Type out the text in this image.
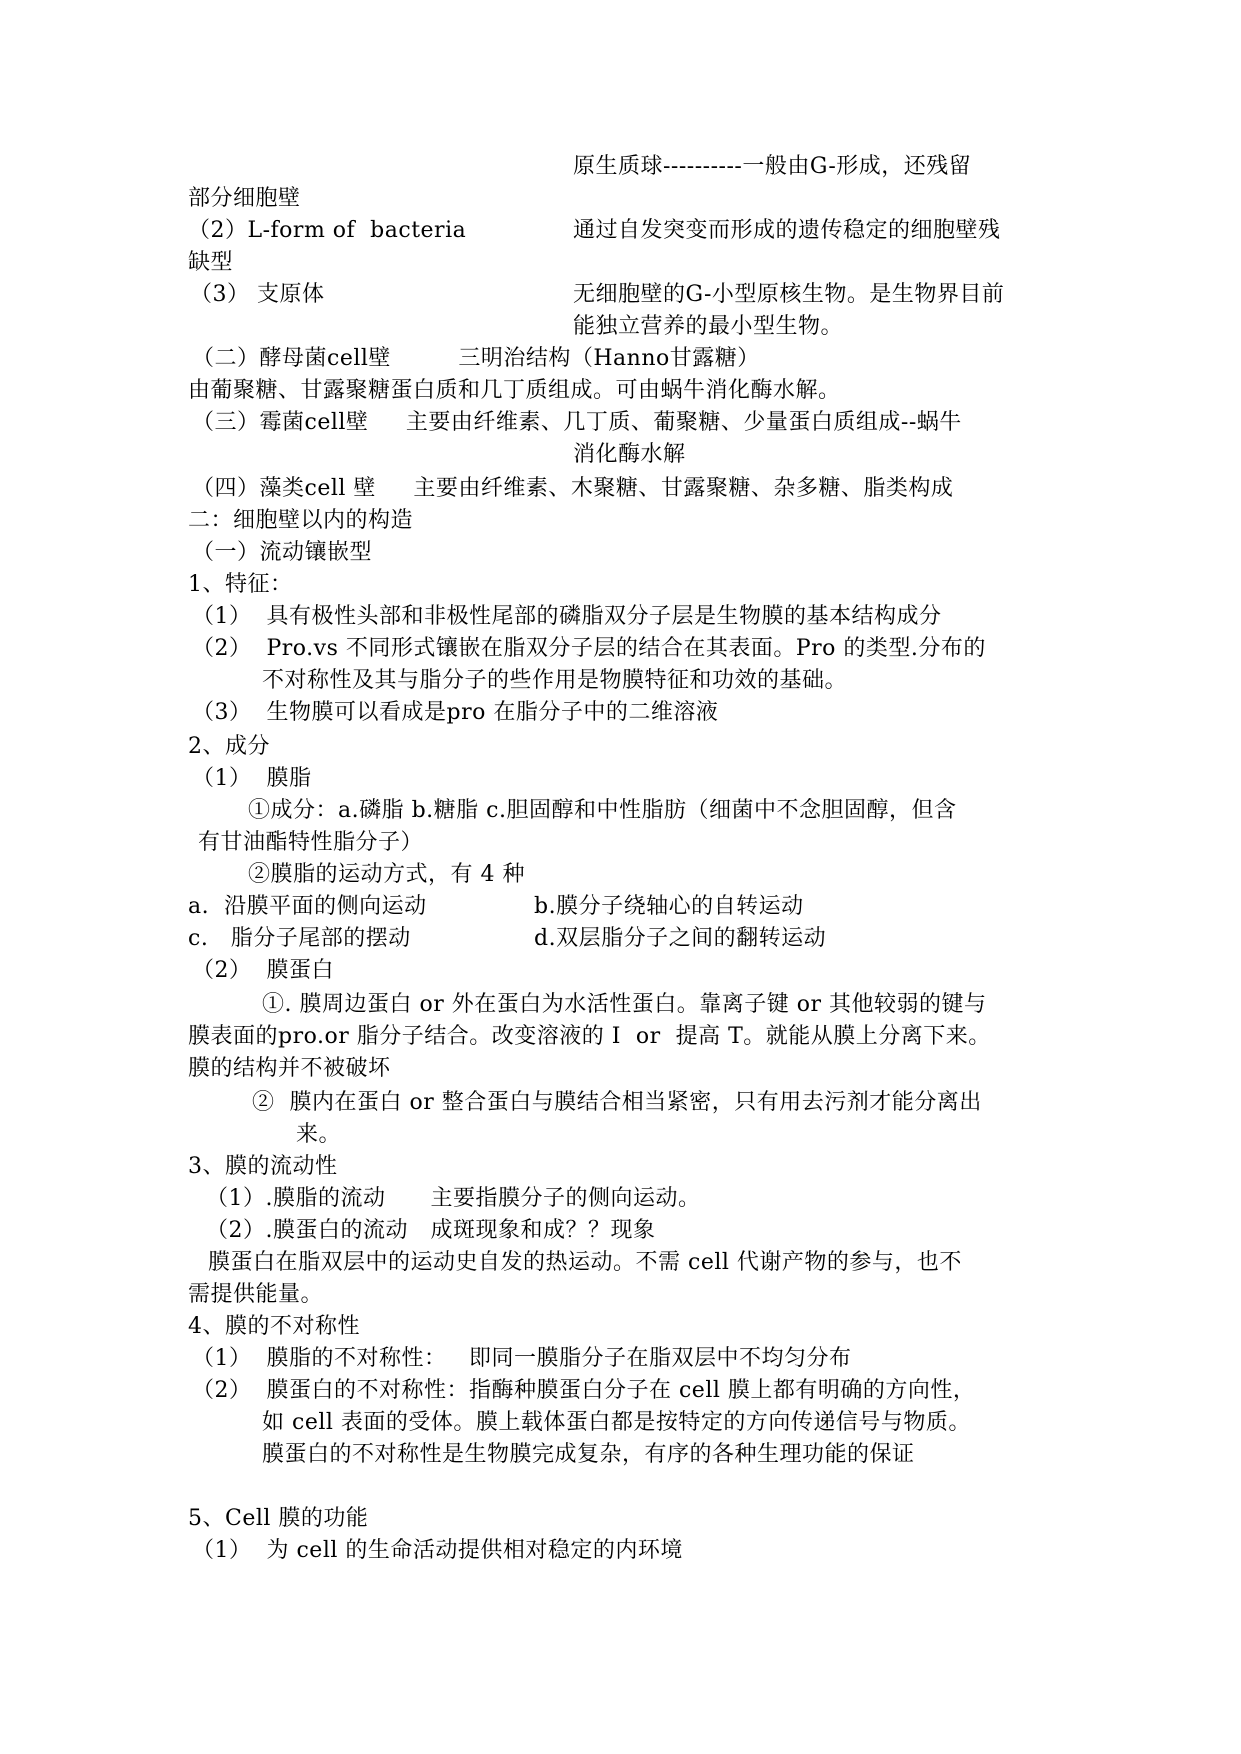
原生质球----------一般由G-形成，还残留
部分细胞壁
（2）L-form of  bacteria	通过自发突变而形成的遗传稳定的细胞壁残
缺型
（3） 支原体	无细胞壁的G-小型原核生物。是生物界目前
能独立营养的最小型生物。
（二）酵母菌cell壁         三明治结构（Hanno甘露糖）
由葡聚糖、甘露聚糖蛋白质和几丁质组成。可由蜗牛消化酶水解。
（三）霉菌cell壁     主要由纤维素、几丁质、葡聚糖、少量蛋白质组成--蜗牛
消化酶水解
（四）藻类cell 壁     主要由纤维素、木聚糖、甘露聚糖、杂多糖、脂类构成
二：细胞壁以内的构造
（一）流动镶嵌型
1、特征：
（1）  具有极性头部和非极性尾部的磷脂双分子层是生物膜的基本结构成分
（2）  Pro.vs 不同形式镶嵌在脂双分子层的结合在其表面。Pro 的类型.分布的
不对称性及其与脂分子的些作用是物膜特征和功效的基础。
（3）  生物膜可以看成是pro 在脂分子中的二维溶液
2、成分
（1）  膜脂
①成分：a.磷脂 b.糖脂 c.胆固醇和中性脂肪（细菌中不念胆固醇，但含
有甘油酯特性脂分子）
②膜脂的运动方式，有 4 种
a.  沿膜平面的侧向运动	b.膜分子绕轴心的自转运动
c.   脂分子尾部的摆动	d.双层脂分子之间的翻转运动
（2）  膜蛋白
①. 膜周边蛋白 or 外在蛋白为水活性蛋白。靠离子键 or 其他较弱的键与
膜表面的pro.or 脂分子结合。改变溶液的 I  or  提高 T。就能从膜上分离下来。
膜的结构并不被破坏
②  膜内在蛋白 or 整合蛋白与膜结合相当紧密，只有用去污剂才能分离出
来。
3、膜的流动性
（1）.膜脂的流动      主要指膜分子的侧向运动。
（2）.膜蛋白的流动   成斑现象和成？？现象
膜蛋白在脂双层中的运动史自发的热运动。不需 cell 代谢产物的参与，也不
需提供能量。
4、膜的不对称性
（1）  膜脂的不对称性：   即同一膜脂分子在脂双层中不均匀分布
（2）  膜蛋白的不对称性：指酶种膜蛋白分子在 cell 膜上都有明确的方向性，
如 cell 表面的受体。膜上载体蛋白都是按特定的方向传递信号与物质。
膜蛋白的不对称性是生物膜完成复杂，有序的各种生理功能的保证
5、Cell 膜的功能
（1）  为 cell 的生命活动提供相对稳定的内环境
